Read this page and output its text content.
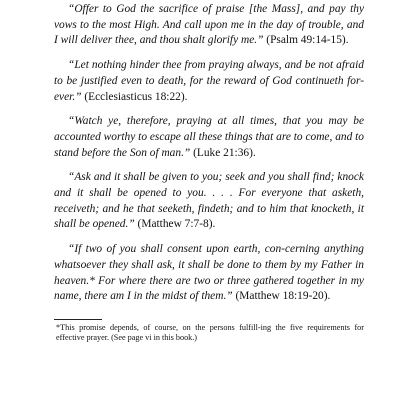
“Offer to God the sacrifice of praise [the Mass], and pay thy vows to the most High. And call upon me in the day of trouble, and I will deliver thee, and thou shalt glorify me.” (Psalm 49:14-15).

“Let nothing hinder thee from praying always, and be not afraid to be justified even to death, for the reward of God continueth for-ever.” (Ecclesiasticus 18:22).

“Watch ye, therefore, praying at all times, that you may be accounted worthy to escape all these things that are to come, and to stand before the Son of man.” (Luke 21:36).

“Ask and it shall be given to you; seek and you shall find; knock and it shall be opened to you. . . . For everyone that asketh, receiveth; and he that seeketh, findeth; and to him that knocketh, it shall be opened.” (Matthew 7:7-8).

“If two of you shall consent upon earth, con-cerning anything whatsoever they shall ask, it shall be done to them by my Father in heaven.* For where there are two or three gathered together in my name, there am I in the midst of them.” (Matthew 18:19-20).

*This promise depends, of course, on the persons fulfill-ing the five requirements for effective prayer. (See page vi in this book.)
